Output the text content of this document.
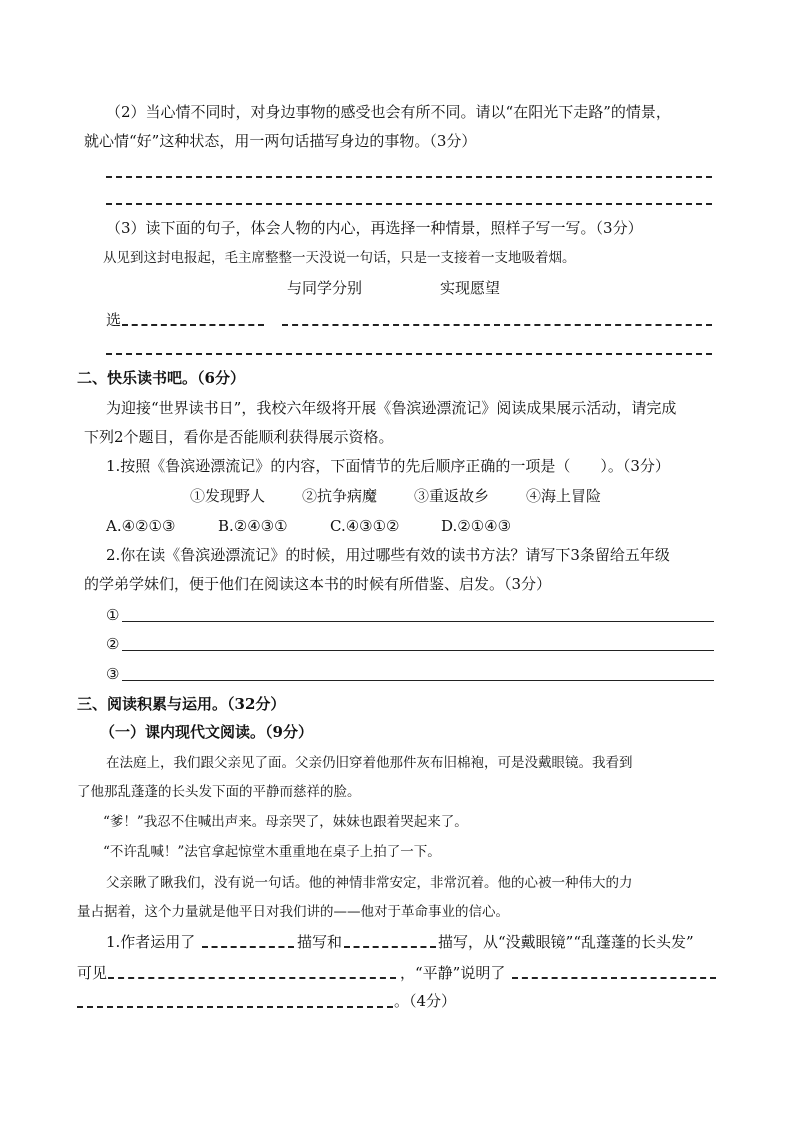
（2）当心情不同时，对身边事物的感受也会有所不同。请以“在阳光下走路”的情景，
就心情“好”这种状态，用一两句话描写身边的事物。（3分）
（3）读下面的句子，体会人物的内心，再选择一种情景，照样子写一写。（3分）
从见到这封电报起，毛主席整整一天没说一句话，只是一支接着一支地吸着烟。
与同学分别	实现愿望
选
二、快乐读书吧。（6分）
为迎接“世界读书日”，我校六年级将开展《鲁滨逊漂流记》阅读成果展示活动，请完成
下列2个题目，看你是否能顺利获得展示资格。
1.按照《鲁滨逊漂流记》的内容，下面情节的先后顺序正确的一项是（　　）。（3分）
①发现野人 ②抗争病魔 ③重返故乡 ④海上冒险
A.④②①③	B.②④③①	C.④③①②	D.②①④③
2.你在读《鲁滨逊漂流记》的时候，用过哪些有效的读书方法？请写下3条留给五年级
的学弟学妹们，便于他们在阅读这本书的时候有所借鉴、启发。（3分）
①
②
③
三、阅读积累与运用。（32分）
（一）课内现代文阅读。（9分）
在法庭上，我们跟父亲见了面。父亲仍旧穿着他那件灰布旧棉袍，可是没戴眼镜。我看到
了他那乱蓬蓬的长头发下面的平静而慈祥的脸。
“爹！”我忍不住喊出声来。母亲哭了，妹妹也跟着哭起来了。
“不许乱喊！”法官拿起惊堂木重重地在桌子上拍了一下。
父亲瞅了瞅我们，没有说一句话。他的神情非常安定，非常沉着。他的心被一种伟大的力
量占据着，这个力量就是他平日对我们讲的——他对于革命事业的信心。
1.作者运用了	描写和	描写，从“没戴眼镜”“乱蓬蓬的长头发”
可见	，“平静”说明了
。（4分）
